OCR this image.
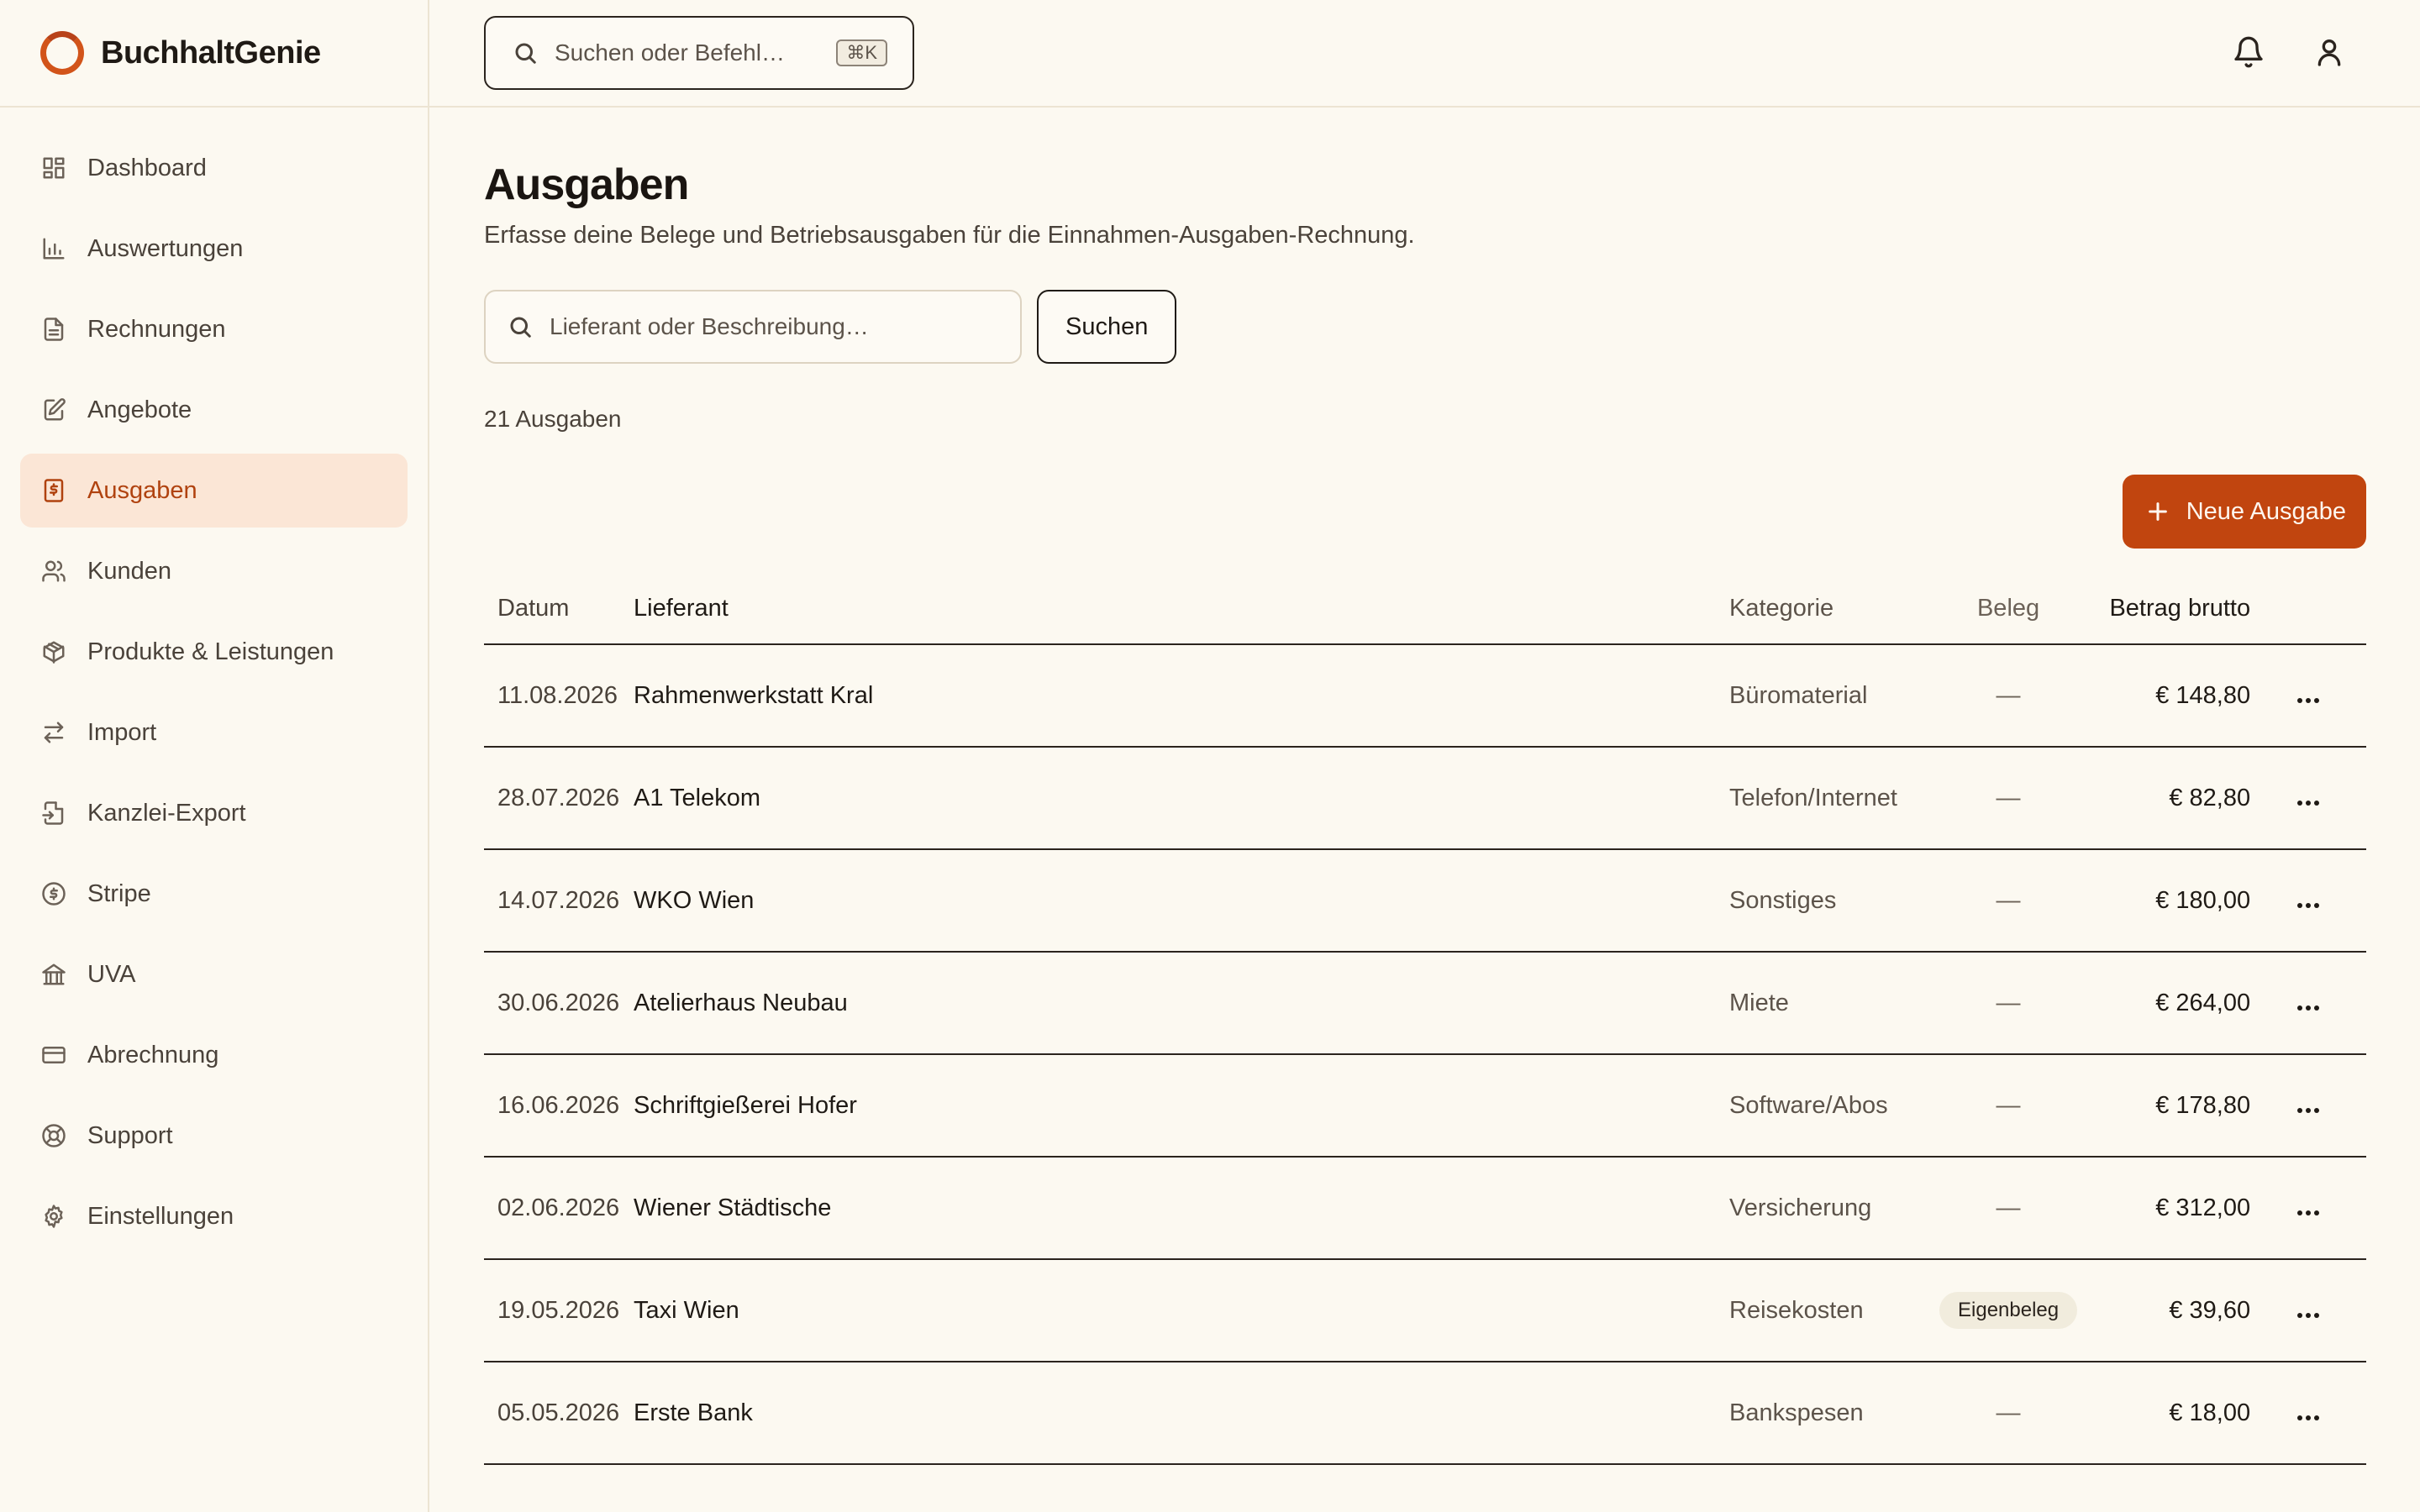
BuchhaltGenie
Dashboard
Auswertungen
Rechnungen
Angebote
Ausgaben
Kunden
Produkte & Leistungen
Import
Kanzlei-Export
Stripe
UVA
Abrechnung
Support
Einstellungen
Suchen oder Befehl…	⌘K
Ausgaben

Erfasse deine Belege und Betriebsausgaben für die Einnahmen-Ausgaben-Rechnung.

Lieferant oder Beschreibung…	Suchen
21 Ausgaben
Neue Ausgabe
Datum	Lieferant	Kategorie	Beleg	Betrag brutto	
11.08.2026	Rahmenwerkstatt Kral	Büromaterial	—	€ 148,80	

28.07.2026	A1 Telekom	Telefon/Internet	—	€ 82,80	

14.07.2026	WKO Wien	Sonstiges	—	€ 180,00	

30.06.2026	Atelierhaus Neubau	Miete	—	€ 264,00	

16.06.2026	Schriftgießerei Hofer	Software/Abos	—	€ 178,80	

02.06.2026	Wiener Städtische	Versicherung	—	€ 312,00	

19.05.2026	Taxi Wien	Reisekosten	Eigenbeleg	€ 39,60	

05.05.2026	Erste Bank	Bankspesen	—	€ 18,00	
